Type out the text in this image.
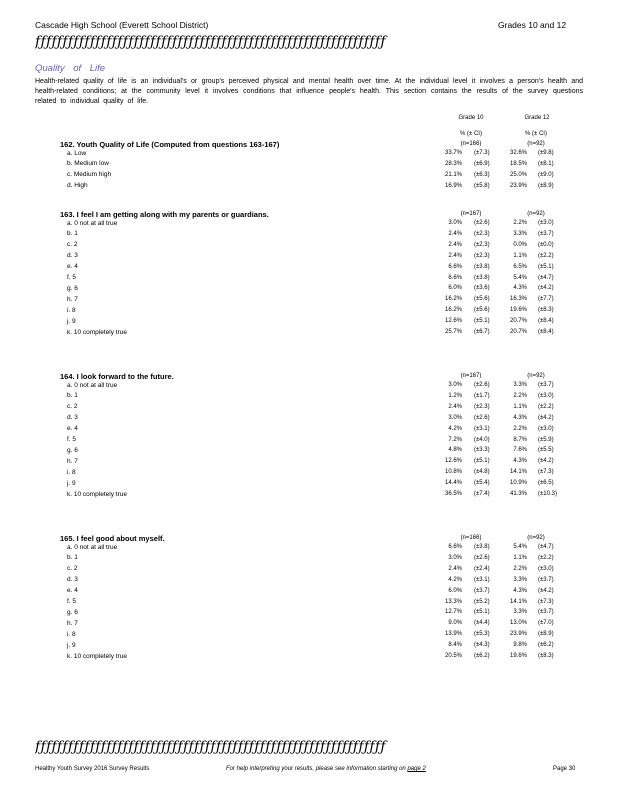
Cascade High School (Everett School District)	Grades 10 and 12
ƒƒƒƒƒƒƒƒƒƒƒƒƒƒƒƒƒƒƒƒƒƒƒƒƒƒƒƒƒƒƒƒƒƒƒƒƒƒƒƒƒƒƒƒƒƒƒƒƒƒƒƒƒƒƒƒƒƒƒƒƒƒƒƒ
Quality of Life
Health-related quality of life is an individual's or group's perceived physical and mental health over time. At the individual level it involves a person's health and health-related conditions; at the community level it involves conditions that influence people's health. This section contains the results of the survey questions related to individual quality of life.
Grade 10	Grade 12
% (± CI)	% (± CI)
162. Youth Quality of Life (Computed from questions 163-167)	(n=166)	(n=92)
a. Low	33.7% (±7.3)	32.6% (±9.8)
b. Medium low	28.3% (±6.9)	18.5% (±8.1)
c. Medium high	21.1% (±6.3)	25.0% (±9.0)
d. High	16.9% (±5.8)	23.9% (±8.9)
163. I feel I am getting along with my parents or guardians.	(n=167)	(n=92)
a. 0 not at all true	3.0% (±2.6)	2.2% (±3.0)
b. 1	2.4% (±2.3)	3.3% (±3.7)
c. 2	2.4% (±2.3)	0.0% (±0.0)
d. 3	2.4% (±2.3)	1.1% (±2.2)
e. 4	6.6% (±3.8)	6.5% (±5.1)
f. 5	6.6% (±3.8)	5.4% (±4.7)
g. 6	6.0% (±3.6)	4.3% (±4.2)
h. 7	16.2% (±5.6)	16.3% (±7.7)
i. 8	16.2% (±5.6)	19.6% (±8.3)
j. 9	12.6% (±5.1)	20.7% (±8.4)
k. 10 completely true	25.7% (±6.7)	20.7% (±8.4)
164. I look forward to the future.	(n=167)	(n=92)
a. 0 not at all true	3.0% (±2.6)	3.3% (±3.7)
b. 1	1.2% (±1.7)	2.2% (±3.0)
c. 2	2.4% (±2.3)	1.1% (±2.2)
d. 3	3.0% (±2.6)	4.3% (±4.2)
e. 4	4.2% (±3.1)	2.2% (±3.0)
f. 5	7.2% (±4.0)	8.7% (±5.9)
g. 6	4.8% (±3.3)	7.6% (±5.5)
h. 7	12.6% (±5.1)	4.3% (±4.2)
i. 8	10.8% (±4.8)	14.1% (±7.3)
j. 9	14.4% (±5.4)	10.9% (±6.5)
k. 10 completely true	36.5% (±7.4)	41.3% (±10.3)
165. I feel good about myself.	(n=166)	(n=92)
a. 0 not at all true	6.6% (±3.8)	5.4% (±4.7)
b. 1	3.0% (±2.6)	1.1% (±2.2)
c. 2	2.4% (±2.4)	2.2% (±3.0)
d. 3	4.2% (±3.1)	3.3% (±3.7)
e. 4	6.0% (±3.7)	4.3% (±4.2)
f. 5	13.3% (±5.2)	14.1% (±7.3)
g. 6	12.7% (±5.1)	3.3% (±3.7)
h. 7	9.0% (±4.4)	13.0% (±7.0)
i. 8	13.9% (±5.3)	23.9% (±8.9)
j. 9	8.4% (±4.3)	9.8% (±6.2)
k. 10 completely true	20.5% (±6.2)	19.6% (±8.3)
ƒƒƒƒƒƒƒƒƒƒƒƒƒƒƒƒƒƒƒƒƒƒƒƒƒƒƒƒƒƒƒƒƒƒƒƒƒƒƒƒƒƒƒƒƒƒƒƒƒƒƒƒƒƒƒƒƒƒƒƒƒƒƒƒ
Healthy Youth Survey 2016 Survey Results	For help interpreting your results, please see information starting on page 2	Page 30
